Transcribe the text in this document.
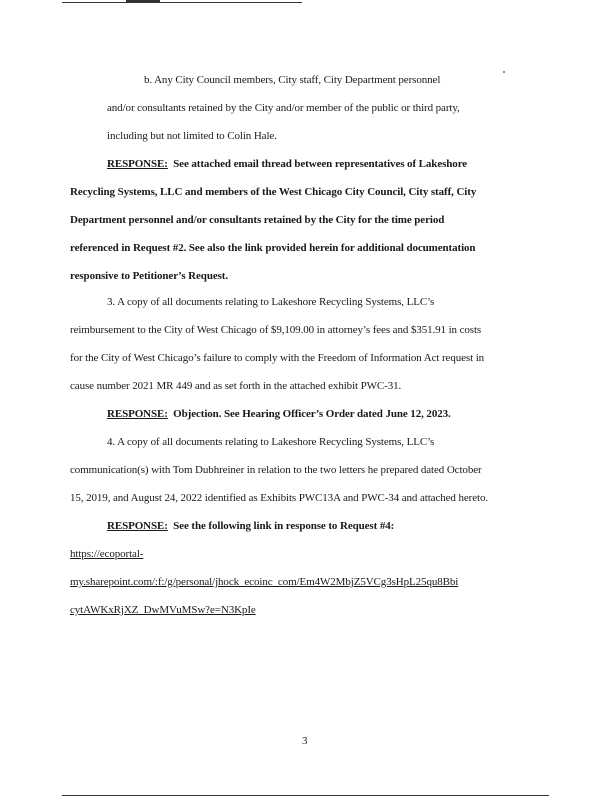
b. Any City Council members, City staff, City Department personnel
and/or consultants retained by the City and/or member of the public or third party,
including but not limited to Colin Hale.
RESPONSE: See attached email thread between representatives of Lakeshore
Recycling Systems, LLC and members of the West Chicago City Council, City staff, City
Department personnel and/or consultants retained by the City for the time period
referenced in Request #2. See also the link provided herein for additional documentation
responsive to Petitioner’s Request.
3. A copy of all documents relating to Lakeshore Recycling Systems, LLC’s
reimbursement to the City of West Chicago of $9,109.00 in attorney’s fees and $351.91 in costs
for the City of West Chicago’s failure to comply with the Freedom of Information Act request in
cause number 2021 MR 449 and as set forth in the attached exhibit PWC-31.
RESPONSE: Objection. See Hearing Officer’s Order dated June 12, 2023.
4. A copy of all documents relating to Lakeshore Recycling Systems, LLC’s
communication(s) with Tom Dubhreiner in relation to the two letters he prepared dated October
15, 2019, and August 24, 2022 identified as Exhibits PWC13A and PWC-34 and attached hereto.
RESPONSE: See the following link in response to Request #4:
https://ecoportal-
my.sharepoint.com/:f:/g/personal/jhock_ecoinc_com/Em4W2MbjZ5VCg3sHpL25qu8Bbi
cytAWKxRjXZ_DwMVuMSw?e=N3KpIe
3
